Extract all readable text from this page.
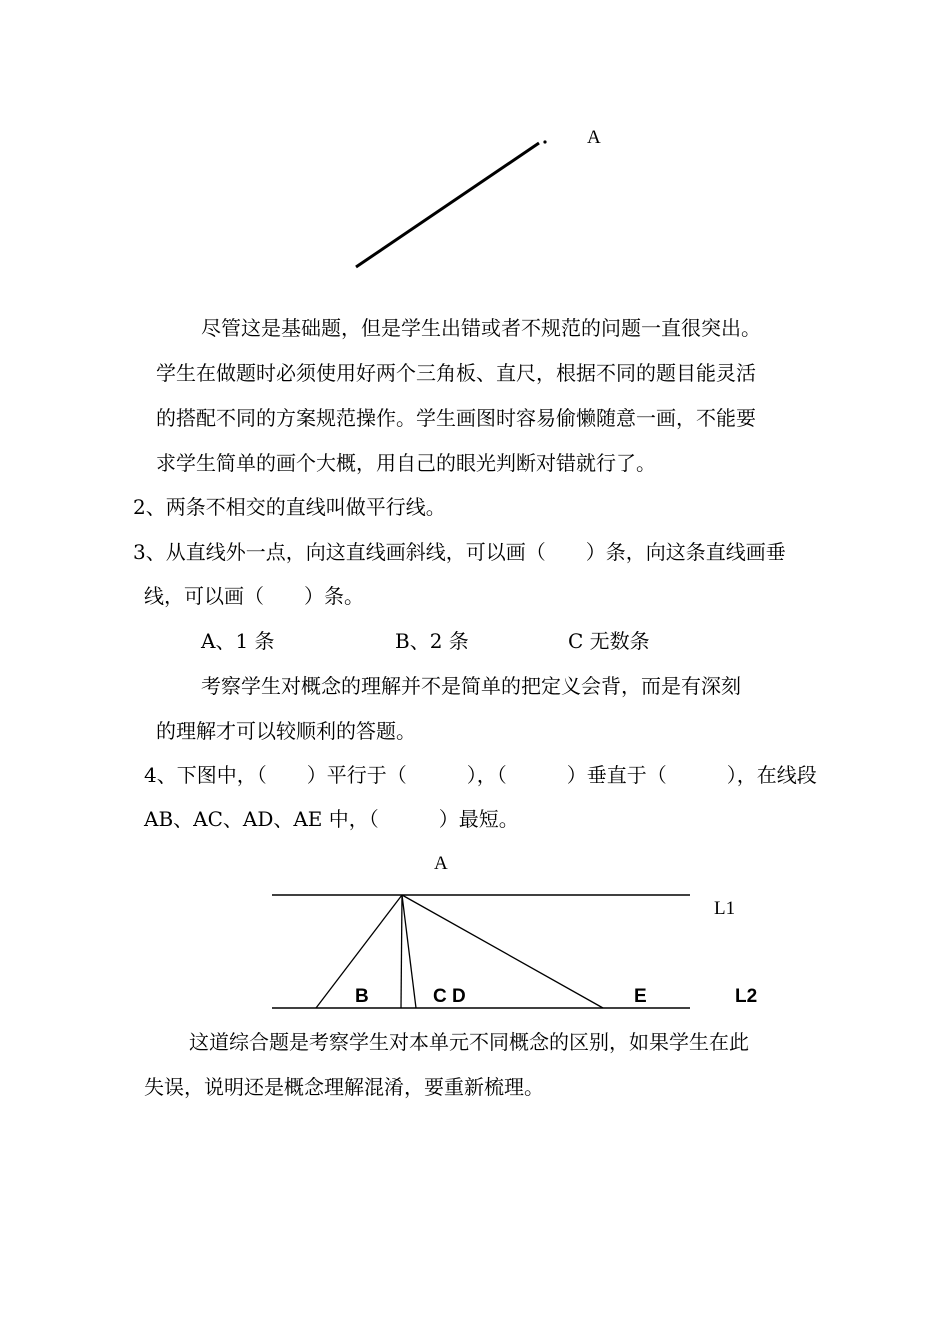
A
尽管这是基础题，但是学生出错或者不规范的问题一直很突出。
学生在做题时必须使用好两个三角板、直尺，根据不同的题目能灵活
的搭配不同的方案规范操作。学生画图时容易偷懒随意一画，不能要
求学生简单的画个大概，用自己的眼光判断对错就行了。
2、两条不相交的直线叫做平行线。
3、从直线外一点，向这直线画斜线，可以画（　　）条，向这条直线画垂
线，可以画（　　）条。
A、1 条	B、2 条	C 无数条
考察学生对概念的理解并不是简单的把定义会背，而是有深刻
的理解才可以较顺利的答题。
4、下图中，（　　）平行于（　　　），（　　　）垂直于（　　　），在线段
AB、AC、AD、AE 中，（　　　）最短。
A
L1
B	C D	E	L2
这道综合题是考察学生对本单元不同概念的区别，如果学生在此
失误，说明还是概念理解混淆，要重新梳理。
